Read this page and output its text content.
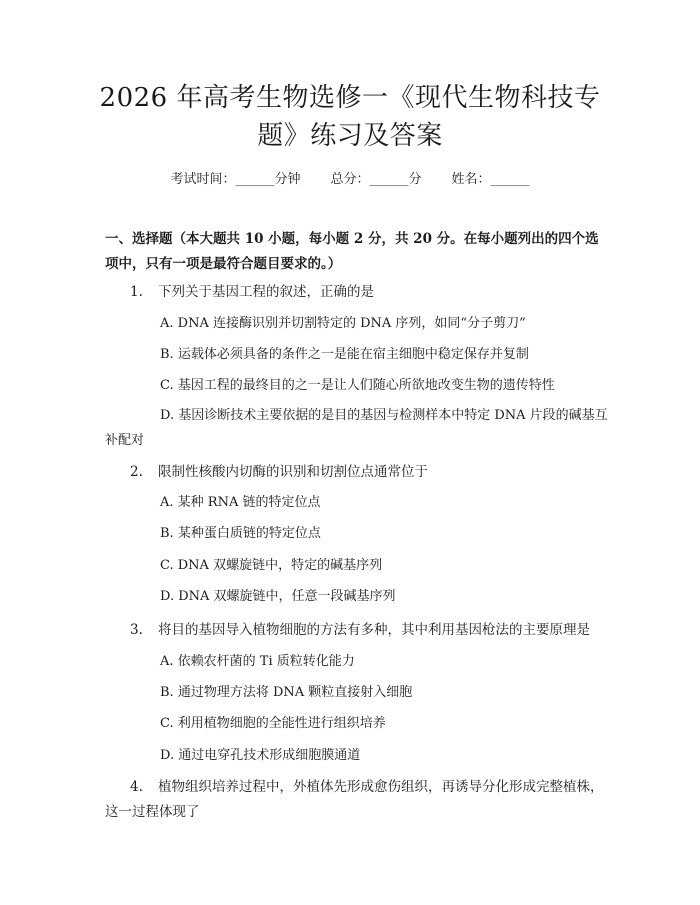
2026 年高考生物选修一《现代生物科技专
题》练习及答案
考试时间：______分钟 总分：______分 姓名：______
一、选择题（本大题共 10 小题，每小题 2 分，共 20 分。在每小题列出的四个选项中，只有一项是最符合题目要求的。）
1. 下列关于基因工程的叙述，正确的是
A. DNA 连接酶识别并切割特定的 DNA 序列，如同“分子剪刀”
B. 运载体必须具备的条件之一是能在宿主细胞中稳定保存并复制
C. 基因工程的最终目的之一是让人们随心所欲地改变生物的遗传特性
D. 基因诊断技术主要依据的是目的基因与检测样本中特定 DNA 片段的碱基互补配对
2. 限制性核酸内切酶的识别和切割位点通常位于
A. 某种 RNA 链的特定位点
B. 某种蛋白质链的特定位点
C. DNA 双螺旋链中，特定的碱基序列
D. DNA 双螺旋链中，任意一段碱基序列
3. 将目的基因导入植物细胞的方法有多种，其中利用基因枪法的主要原理是
A. 依赖农杆菌的 Ti 质粒转化能力
B. 通过物理方法将 DNA 颗粒直接射入细胞
C. 利用植物细胞的全能性进行组织培养
D. 通过电穿孔技术形成细胞膜通道
4. 植物组织培养过程中，外植体先形成愈伤组织，再诱导分化形成完整植株，这一过程体现了
